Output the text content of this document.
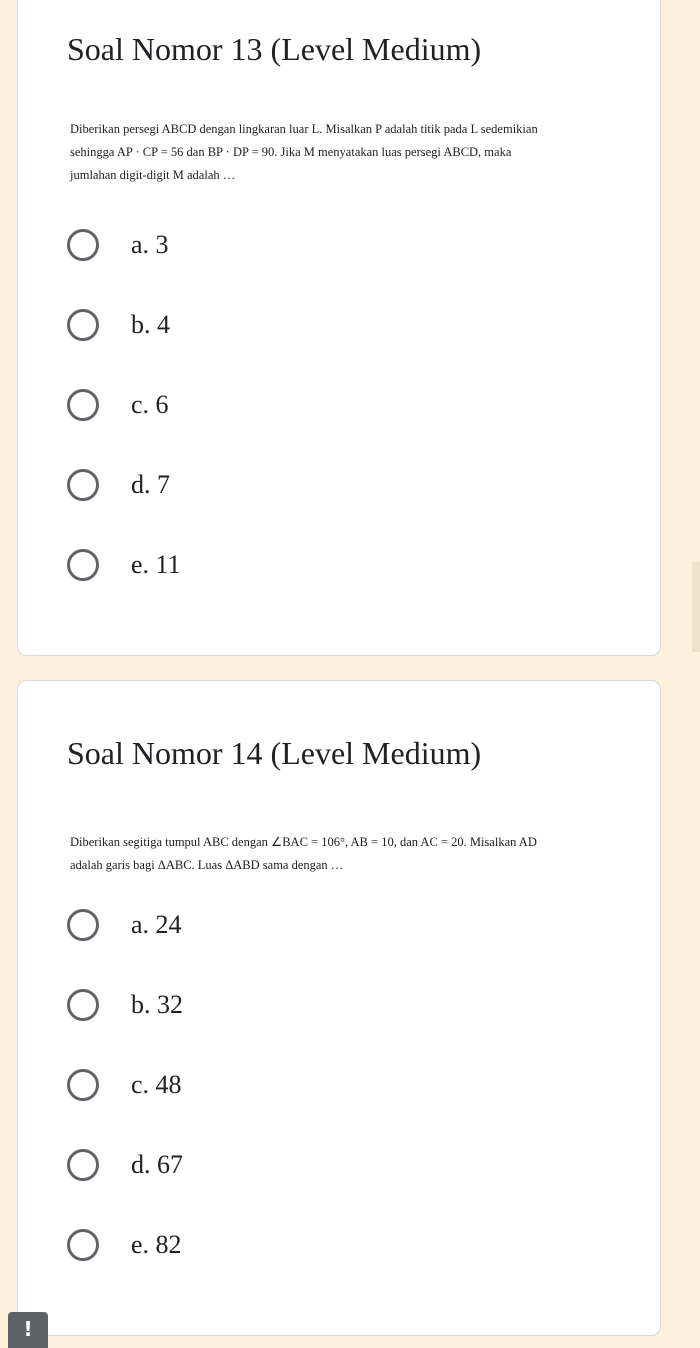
Soal Nomor 13 (Level Medium)
Diberikan persegi ABCD dengan lingkaran luar L. Misalkan P adalah titik pada L sedemikian
sehingga AP · CP = 56 dan BP · DP = 90. Jika M menyatakan luas persegi ABCD, maka
jumlahan digit-digit M adalah …
a. 3
b. 4
c. 6
d. 7
e. 11
Soal Nomor 14 (Level Medium)
Diberikan segitiga tumpul ABC dengan ∠BAC = 106°, AB = 10, dan AC = 20. Misalkan AD
adalah garis bagi ΔABC. Luas ΔABD sama dengan …
a. 24
b. 32
c. 48
d. 67
e. 82
!
